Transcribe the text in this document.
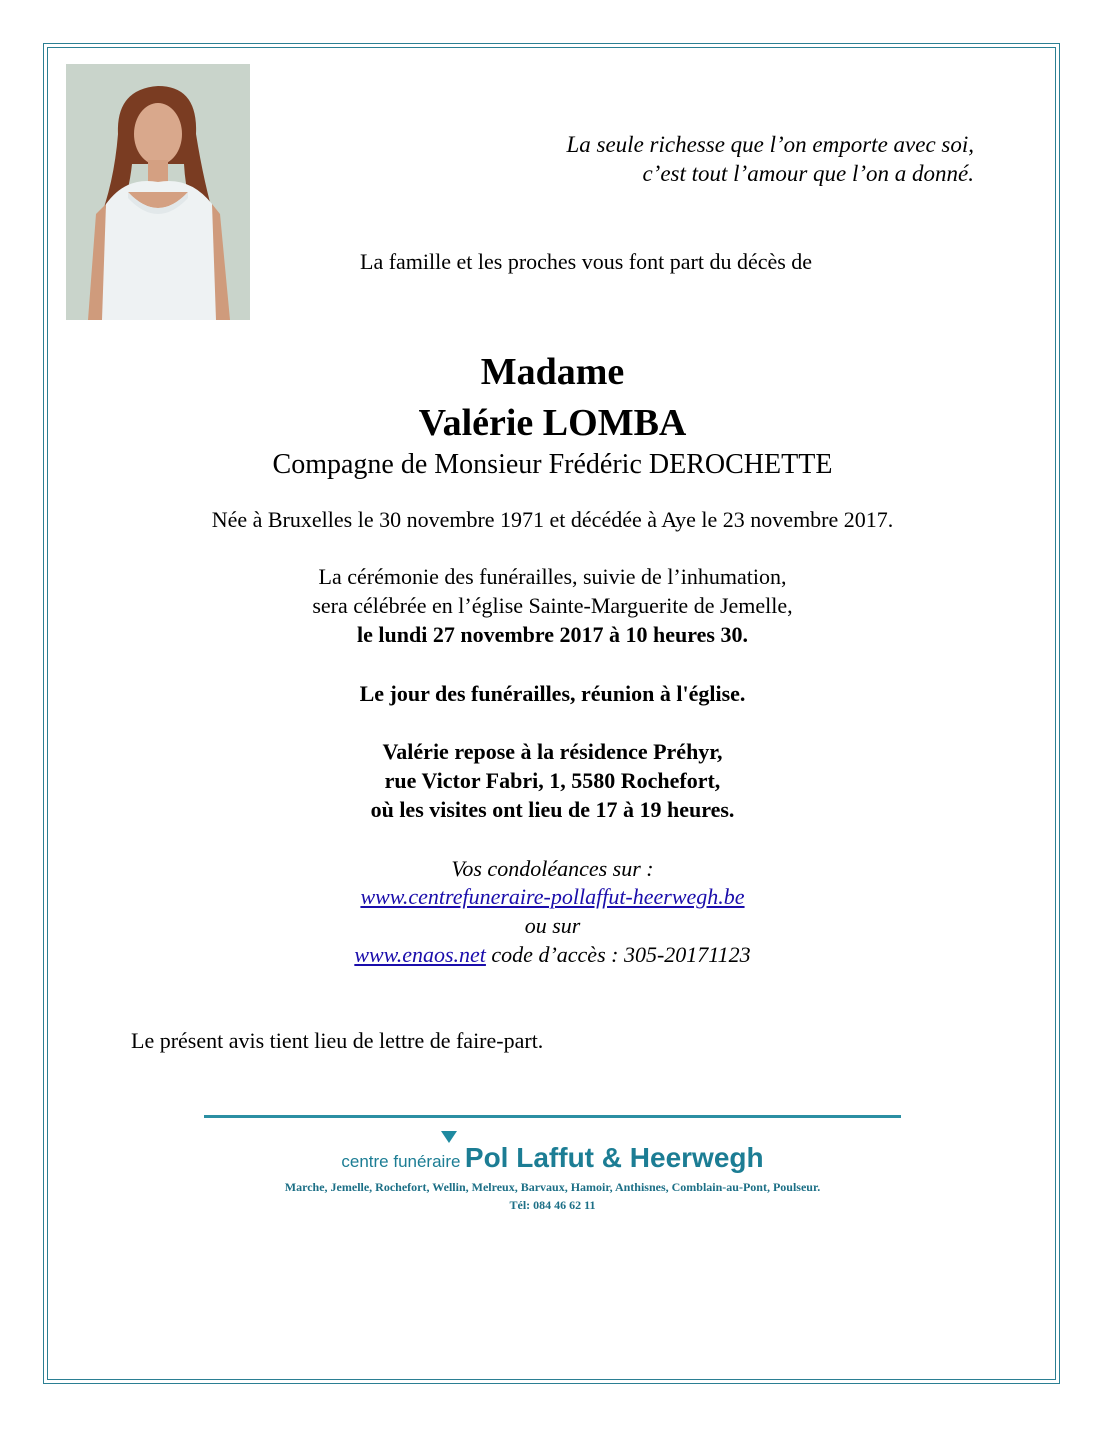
La seule richesse que l’on emporte avec soi,
c’est tout l’amour que l’on a donné.
La famille et les proches vous font part du décès de
Madame
Valérie LOMBA
Compagne de Monsieur Frédéric DEROCHETTE
Née à Bruxelles le 30 novembre 1971 et décédée à Aye le 23 novembre 2017.
La cérémonie des funérailles, suivie de l’inhumation,
sera célébrée en l’église Sainte-Marguerite de Jemelle,
le lundi 27 novembre 2017 à 10 heures 30.
Le jour des funérailles, réunion à l'église.
Valérie repose à la résidence Préhyr,
rue Victor Fabri, 1, 5580 Rochefort,
où les visites ont lieu de 17 à 19 heures.
Vos condoléances sur :
www.centrefuneraire-pollaffut-heerwegh.be
ou sur
www.enaos.net code d’accès : 305-20171123
Le présent avis tient lieu de lettre de faire-part.
centre funéraire Pol Laffut & Heerwegh
Marche, Jemelle, Rochefort, Wellin, Melreux, Barvaux, Hamoir, Anthisnes, Comblain-au-Pont, Poulseur.
Tél: 084 46 62 11
